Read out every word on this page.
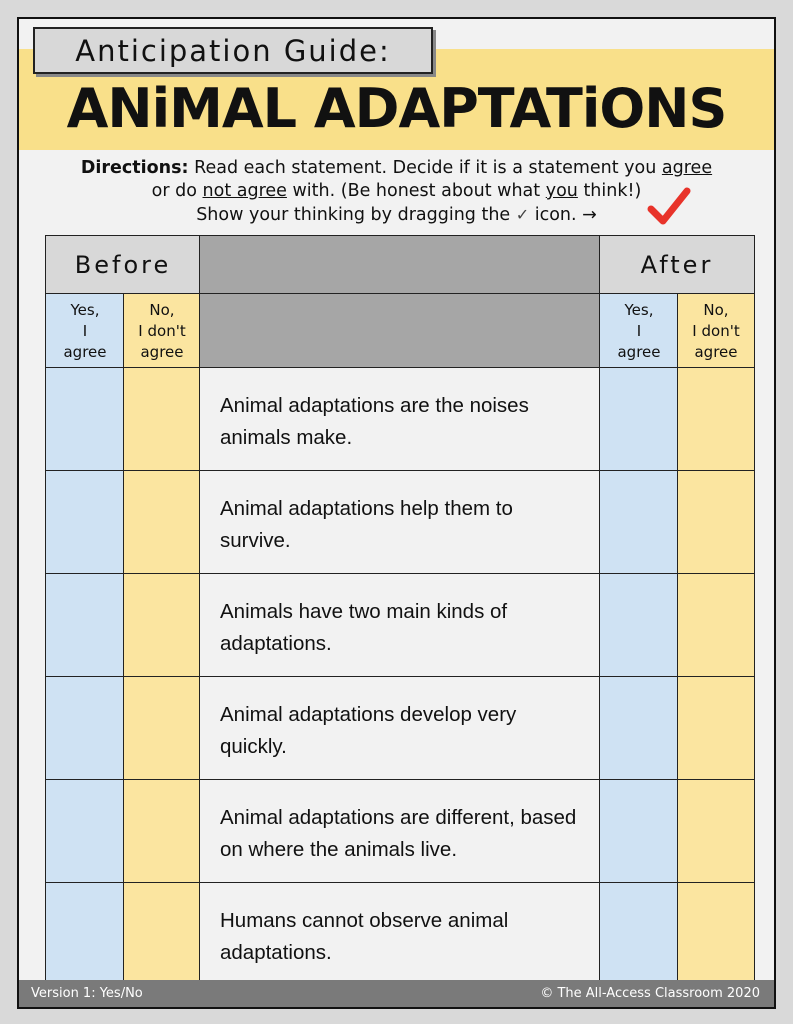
ANiMAL ADAPTATiONS
Anticipation Guide:
Directions: Read each statement. Decide if it is a statement you agree
or do not agree with. (Be honest about what you think!)
Show your thinking by dragging the ✓ icon. →
Before	After
Yes,
I
agree
No,
I don't
agree
Yes,
I
agree
No,
I don't
agree
Animal adaptations are the noises animals make.
Animal adaptations help them to survive.
Animals have two main kinds of adaptations.
Animal adaptations develop very quickly.
Animal adaptations are different, based on where the animals live.
Humans cannot observe animal adaptations.
Version 1: Yes/No	© The All-Access Classroom 2020
